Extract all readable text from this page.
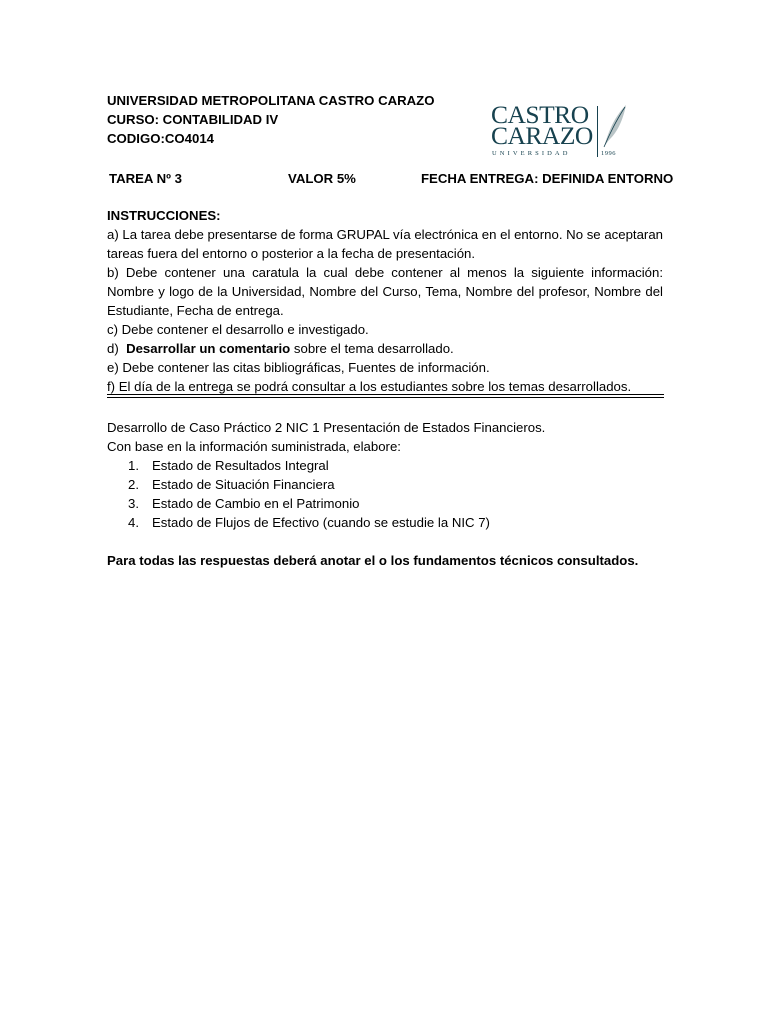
UNIVERSIDAD METROPOLITANA CASTRO CARAZO
CURSO: CONTABILIDAD IV
CODIGO:CO4014
TAREA Nº 3	VALOR 5%	FECHA ENTREGA: DEFINIDA ENTORNO
INSTRUCCIONES:

a) La tarea debe presentarse de forma GRUPAL vía electrónica en el entorno. No se aceptaran tareas fuera del entorno o posterior a la fecha de presentación.

b) Debe contener una caratula la cual debe contener al menos la siguiente información: Nombre y logo de la Universidad, Nombre del Curso, Tema, Nombre del profesor, Nombre del Estudiante, Fecha de entrega.

c) Debe contener el desarrollo e investigado.

d)  Desarrollar un comentario sobre el tema desarrollado.

e) Debe contener las citas bibliográficas, Fuentes de información.

f) El día de la entrega se podrá consultar a los estudiantes sobre los temas desarrollados.

Desarrollo de Caso Práctico 2 NIC 1 Presentación de Estados Financieros.
Con base en la información suministrada, elabore:
1. Estado de Resultados Integral
2. Estado de Situación Financiera
3. Estado de Cambio en el Patrimonio
4. Estado de Flujos de Efectivo (cuando se estudie la NIC 7)
Para todas las respuestas deberá anotar el o los fundamentos técnicos consultados.
CASTRO
CARAZO
UNIVERSIDAD	1996
